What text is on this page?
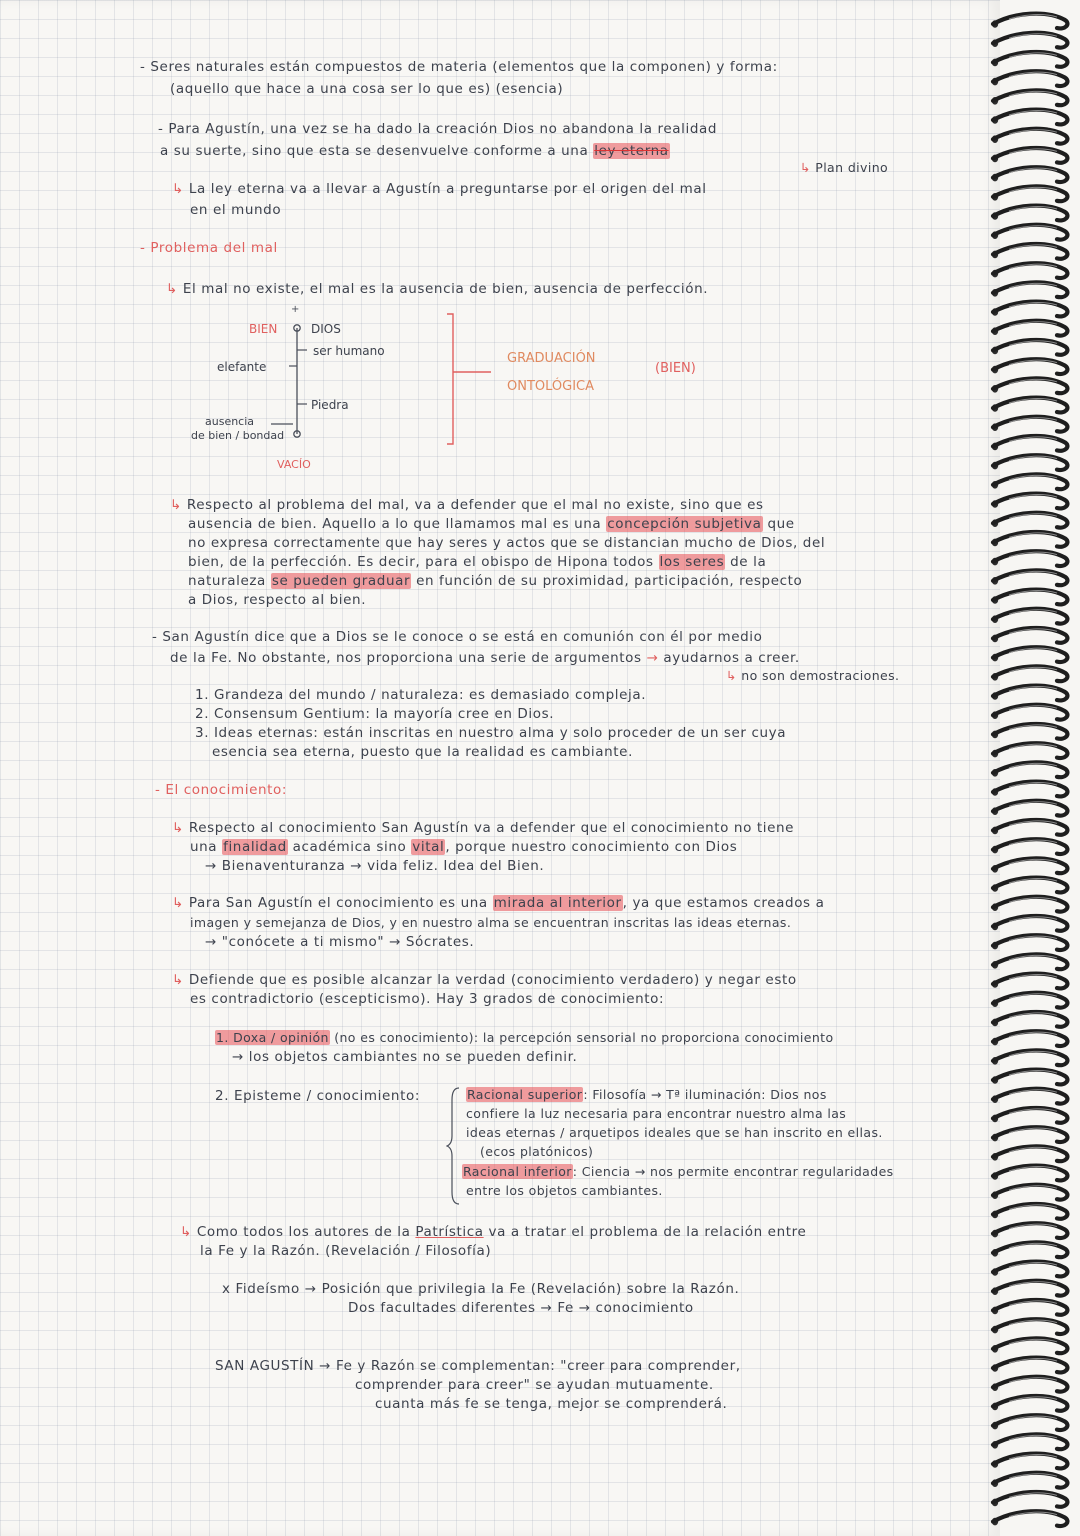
- Seres naturales están compuestos de materia (elementos que la componen) y forma:
(aquello que hace a una cosa ser lo que es) (esencia)
- Para Agustín, una vez se ha dado la creación Dios no abandona la realidad
a su suerte, sino que esta se desenvuelve conforme a una ley eterna
↳ Plan divino
↳ La ley eterna va a llevar a Agustín a preguntarse por el origen del mal
en el mundo
- Problema del mal
↳ El mal no existe, el mal es la ausencia de bien, ausencia de perfección.
+
BIEN	DIOS
ser humano
elefante
Piedra
ausencia
de bien / bondad
VACÍO
GRADUACIÓN
ONTOLÓGICA
(BIEN)
↳ Respecto al problema del mal, va a defender que el mal no existe, sino que es
ausencia de bien. Aquello a lo que llamamos mal es una concepción subjetiva que
no expresa correctamente que hay seres y actos que se distancian mucho de Dios, del
bien, de la perfección. Es decir, para el obispo de Hipona todos los seres de la
naturaleza se pueden graduar en función de su proximidad, participación, respecto
a Dios, respecto al bien.
- San Agustín dice que a Dios se le conoce o se está en comunión con él por medio
de la Fe. No obstante, nos proporciona una serie de argumentos → ayudarnos a creer.
↳ no son demostraciones.
1. Grandeza del mundo / naturaleza: es demasiado compleja.
2. Consensum Gentium: la mayoría cree en Dios.
3. Ideas eternas: están inscritas en nuestro alma y solo proceder de un ser cuya
esencia sea eterna, puesto que la realidad es cambiante.
- El conocimiento:
↳ Respecto al conocimiento San Agustín va a defender que el conocimiento no tiene
una finalidad académica sino vital, porque nuestro conocimiento con Dios
→ Bienaventuranza → vida feliz. Idea del Bien.
↳ Para San Agustín el conocimiento es una mirada al interior, ya que estamos creados a
imagen y semejanza de Dios, y en nuestro alma se encuentran inscritas las ideas eternas.
→ "conócete a ti mismo" → Sócrates.
↳ Defiende que es posible alcanzar la verdad (conocimiento verdadero) y negar esto
es contradictorio (escepticismo). Hay 3 grados de conocimiento:
1. Doxa / opinión (no es conocimiento): la percepción sensorial no proporciona conocimiento
→ los objetos cambiantes no se pueden definir.
2. Episteme / conocimiento:	Racional superior: Filosofía → Tª iluminación: Dios nos
confiere la luz necesaria para encontrar nuestro alma las
ideas eternas / arquetipos ideales que se han inscrito en ellas.
(ecos platónicos)
Racional inferior: Ciencia → nos permite encontrar regularidades
entre los objetos cambiantes.
↳ Como todos los autores de la Patrística va a tratar el problema de la relación entre
la Fe y la Razón. (Revelación / Filosofía)
x Fideísmo → Posición que privilegia la Fe (Revelación) sobre la Razón.
Dos facultades diferentes → Fe → conocimiento
SAN AGUSTÍN → Fe y Razón se complementan: "creer para comprender,
comprender para creer" se ayudan mutuamente.
cuanta más fe se tenga, mejor se comprenderá.
